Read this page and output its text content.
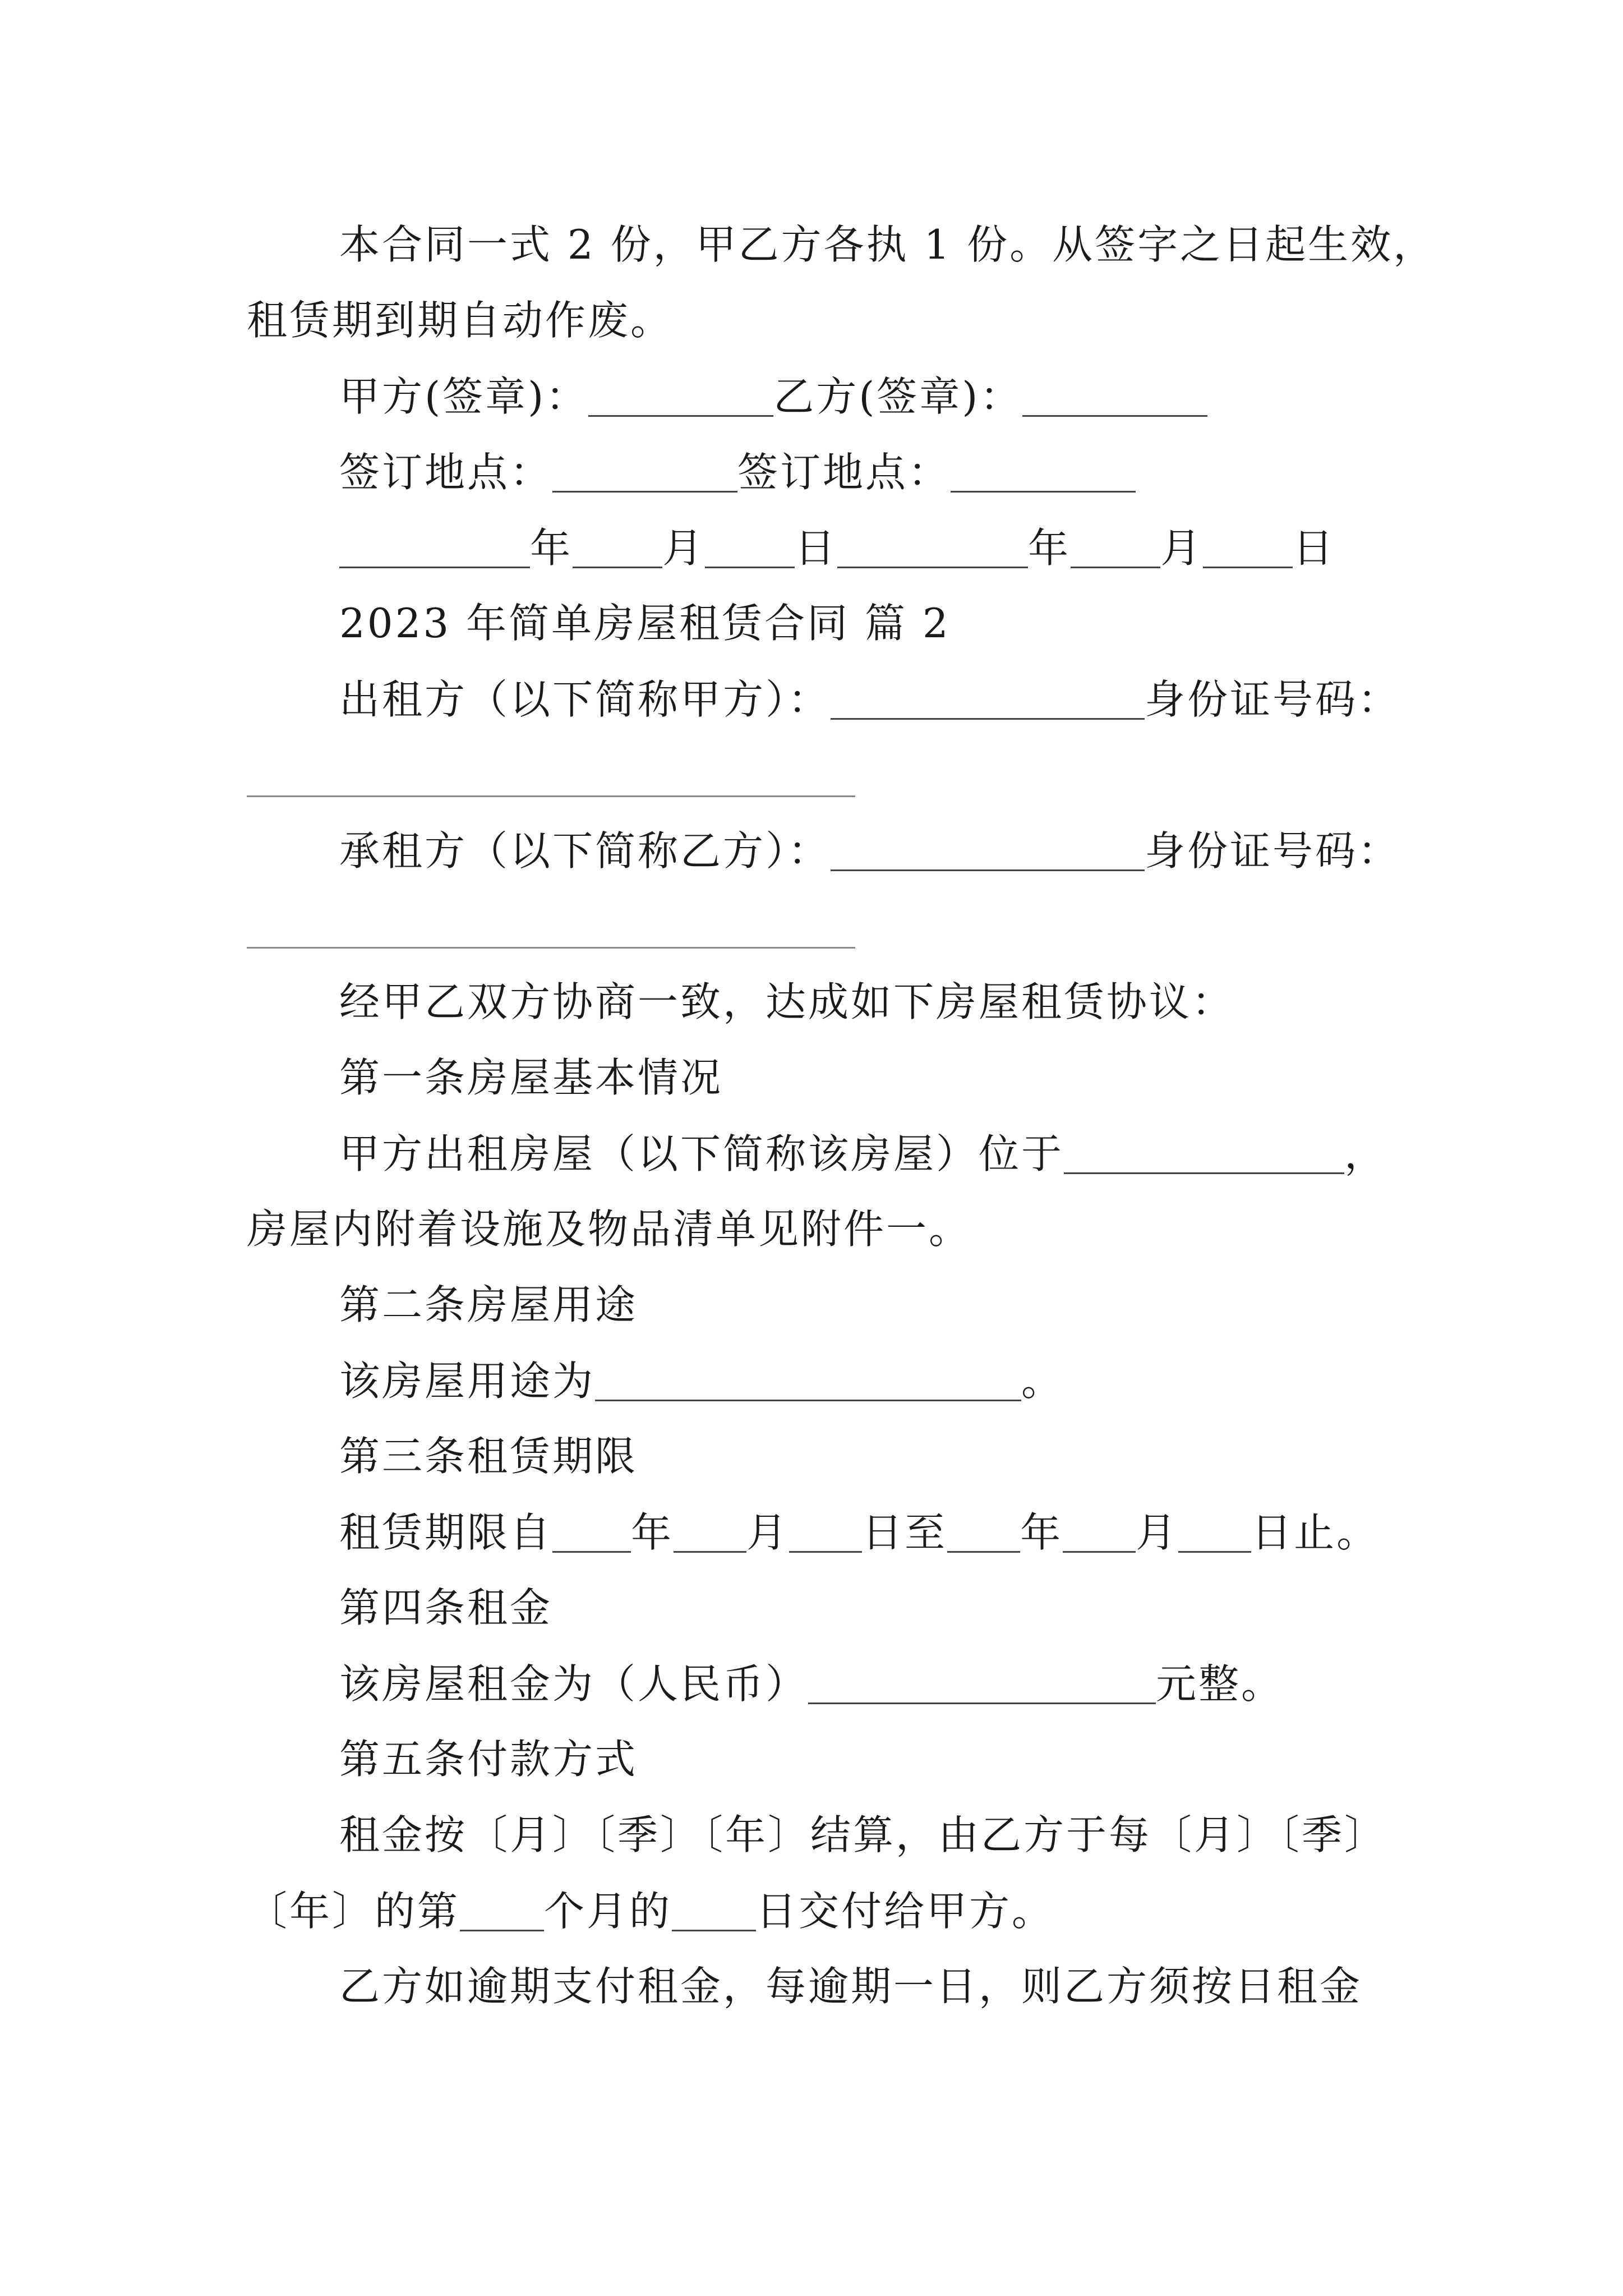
本合同一式 2 份，甲乙方各执 1 份。从签字之日起生效，
租赁期到期自动作废。
甲方(签章)：	乙方(签章)：
签订地点：	签订地点：
年 月 日	年 月 日
2023 年简单房屋租赁合同 篇 2
出租方（以下简称甲方）：	身份证号码：
承租方（以下简称乙方）：	身份证号码：
经甲乙双方协商一致，达成如下房屋租赁协议：
第一条房屋基本情况
甲方出租房屋（以下简称该房屋）位于	，
房屋内附着设施及物品清单见附件一。
第二条房屋用途
该房屋用途为	。
第三条租赁期限
租赁期限自 年 月 日至 年 月 日止。
第四条租金
该房屋租金为（人民币）	元整。
第五条付款方式
租金按〔月〕〔季〕〔年〕结算，由乙方于每〔月〕〔季〕
〔年〕的第 个月的 日交付给甲方。
乙方如逾期支付租金，每逾期一日，则乙方须按日租金
